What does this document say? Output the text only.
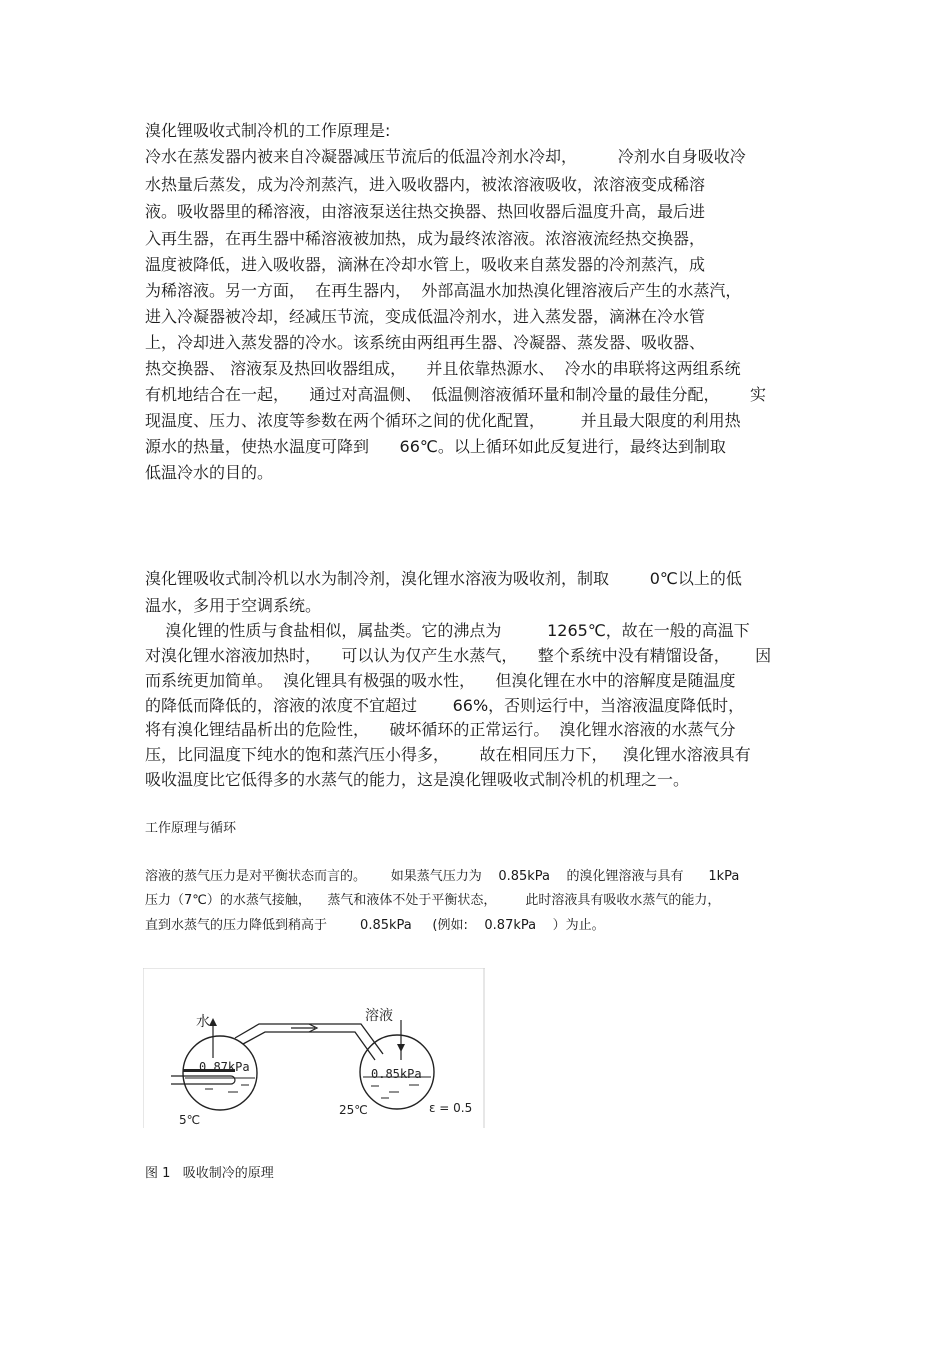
溴化锂吸收式制冷机的工作原理是:
冷水在蒸发器内被来自冷凝器减压节流后的低温冷剂水冷却，        冷剂水自身吸收冷
水热量后蒸发，成为冷剂蒸汽，进入吸收器内，被浓溶液吸收，浓溶液变成稀溶
液。吸收器里的稀溶液，由溶液泵送往热交换器、热回收器后温度升高，最后进
入再生器，在再生器中稀溶液被加热，成为最终浓溶液。浓溶液流经热交换器，
温度被降低，进入吸收器，滴淋在冷却水管上，吸收来自蒸发器的冷剂蒸汽，成
为稀溶液。另一方面，  在再生器内，  外部高温水加热溴化锂溶液后产生的水蒸汽，
进入冷凝器被冷却，经减压节流，变成低温冷剂水，进入蒸发器，滴淋在冷水管
上，冷却进入蒸发器的冷水。该系统由两组再生器、冷凝器、蒸发器、吸收器、
热交换器、 溶液泵及热回收器组成，    并且依靠热源水、  冷水的串联将这两组系统
有机地结合在一起，    通过对高温侧、  低温侧溶液循环量和制冷量的最佳分配，      实
现温度、压力、浓度等参数在两个循环之间的优化配置，       并且最大限度的利用热
源水的热量，使热水温度可降到      66℃。以上循环如此反复进行，最终达到制取
低温冷水的目的。
溴化锂吸收式制冷机以水为制冷剂，溴化锂水溶液为吸收剂，制取        0℃以上的低
温水，多用于空调系统。
溴化锂的性质与食盐相似，属盐类。它的沸点为         1265℃，故在一般的高温下
对溴化锂水溶液加热时，    可以认为仅产生水蒸气，    整个系统中没有精馏设备，     因
而系统更加简单。  溴化锂具有极强的吸水性，    但溴化锂在水中的溶解度是随温度
的降低而降低的，溶液的浓度不宜超过       66%，否则运行中，当溶液温度降低时，
将有溴化锂结晶析出的危险性，    破坏循环的正常运行。  溴化锂水溶液的水蒸气分
压，比同温度下纯水的饱和蒸汽压小得多，      故在相同压力下，   溴化锂水溶液具有
吸收温度比它低得多的水蒸气的能力，这是溴化锂吸收式制冷机的机理之一。
工作原理与循环
溶液的蒸气压力是对平衡状态而言的。      如果蒸气压力为    0.85kPa    的溴化锂溶液与具有      1kPa
压力（7℃）的水蒸气接触，    蒸气和液体不处于平衡状态，       此时溶液具有吸收水蒸气的能力，
直到水蒸气的压力降低到稍高于        0.85kPa     (例如:    0.87kPa    ）为止。
水	溶液
0.87kPa	0.85kPa
5℃
25℃	ε = 0.5
图 1   吸收制冷的原理
